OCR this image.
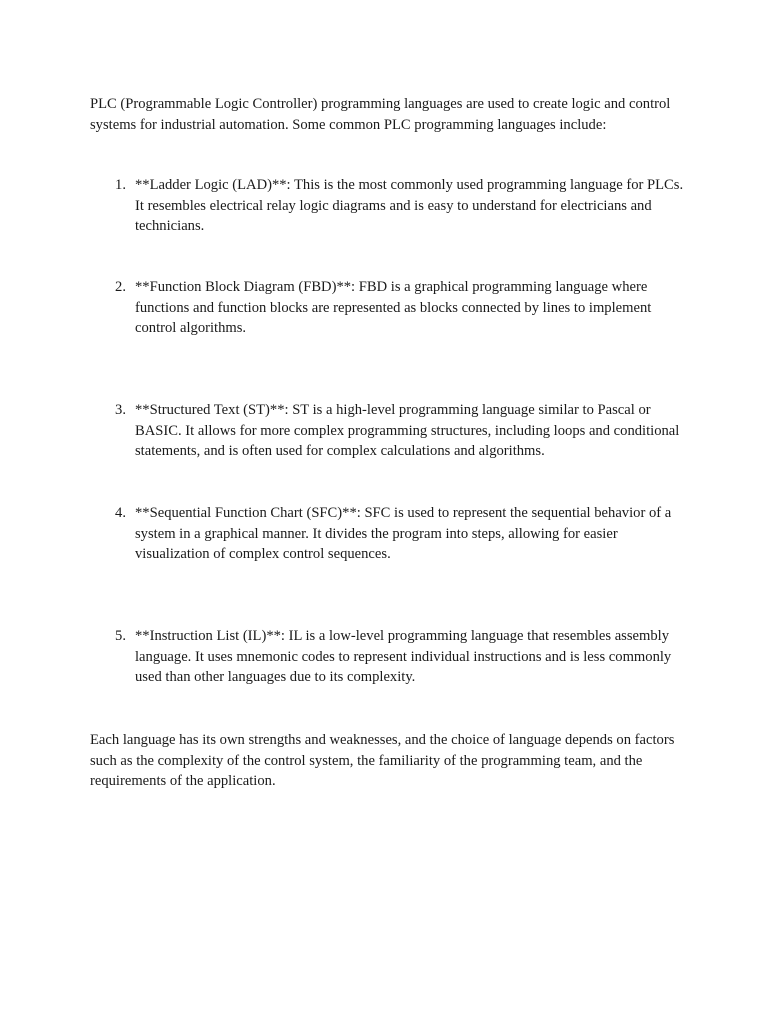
PLC (Programmable Logic Controller) programming languages are used to create logic and control systems for industrial automation. Some common PLC programming languages include:

1. **Ladder Logic (LAD)**: This is the most commonly used programming language for PLCs. It resembles electrical relay logic diagrams and is easy to understand for electricians and technicians.
2. **Function Block Diagram (FBD)**: FBD is a graphical programming language where functions and function blocks are represented as blocks connected by lines to implement control algorithms.
3. **Structured Text (ST)**: ST is a high-level programming language similar to Pascal or BASIC. It allows for more complex programming structures, including loops and conditional statements, and is often used for complex calculations and algorithms.
4. **Sequential Function Chart (SFC)**: SFC is used to represent the sequential behavior of a system in a graphical manner. It divides the program into steps, allowing for easier visualization of complex control sequences.
5. **Instruction List (IL)**: IL is a low-level programming language that resembles assembly language. It uses mnemonic codes to represent individual instructions and is less commonly used than other languages due to its complexity.

Each language has its own strengths and weaknesses, and the choice of language depends on factors such as the complexity of the control system, the familiarity of the programming team, and the requirements of the application.
